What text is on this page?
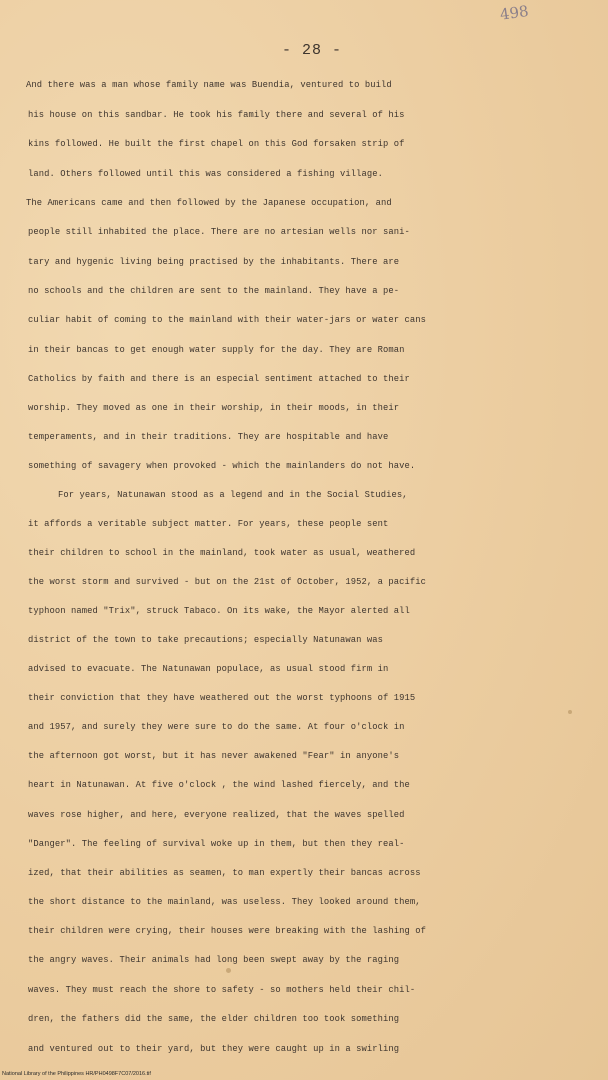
498
- 28 -
And there was a man whose family name was Buendia, ventured to build
his house on this sandbar. He took his family there and several of his
kins followed. He built the first chapel on this God forsaken strip of
land. Others followed until this was considered a fishing village.
The Americans came and then followed by the Japanese occupation, and
people still inhabited the place. There are no artesian wells nor sani-
tary and hygenic living being practised by the inhabitants. There are
no schools and the children are sent to the mainland. They have a pe-
culiar habit of coming to the mainland with their water-jars or water cans
in their bancas to get enough water supply for the day. They are Roman
Catholics by faith and there is an especial sentiment attached to their
worship. They moved as one in their worship, in their moods, in their
temperaments, and in their traditions. They are hospitable and have
something of savagery when provoked - which the mainlanders do not have.
For years, Natunawan stood as a legend and in the Social Studies,
it affords a veritable subject matter. For years, these people sent
their children to school in the mainland, took water as usual, weathered
the worst storm and survived - but on the 21st of October, 1952, a pacific
typhoon named "Trix", struck Tabaco. On its wake, the Mayor alerted all
district of the town to take precautions; especially Natunawan was
advised to evacuate. The Natunawan populace, as usual stood firm in
their conviction that they have weathered out the worst typhoons of 1915
and 1957, and surely they were sure to do the same. At four o'clock in
the afternoon got worst, but it has never awakened "Fear" in anyone's
heart in Natunawan. At five o'clock , the wind lashed fiercely, and the
waves rose higher, and here, everyone realized, that the waves spelled
"Danger". The feeling of survival woke up in them, but then they real-
ized, that their abilities as seamen, to man expertly their bancas across
the short distance to the mainland, was useless. They looked around them,
their children were crying, their houses were breaking with the lashing of
the angry waves. Their animals had long been swept away by the raging
waves. They must reach the shore to safety - so mothers held their chil-
dren, the fathers did the same, the elder children too took something
and ventured out to their yard, but they were caught up in a swirling
National Library of the Philippines HR/PH0498F7C07/2016.tif
